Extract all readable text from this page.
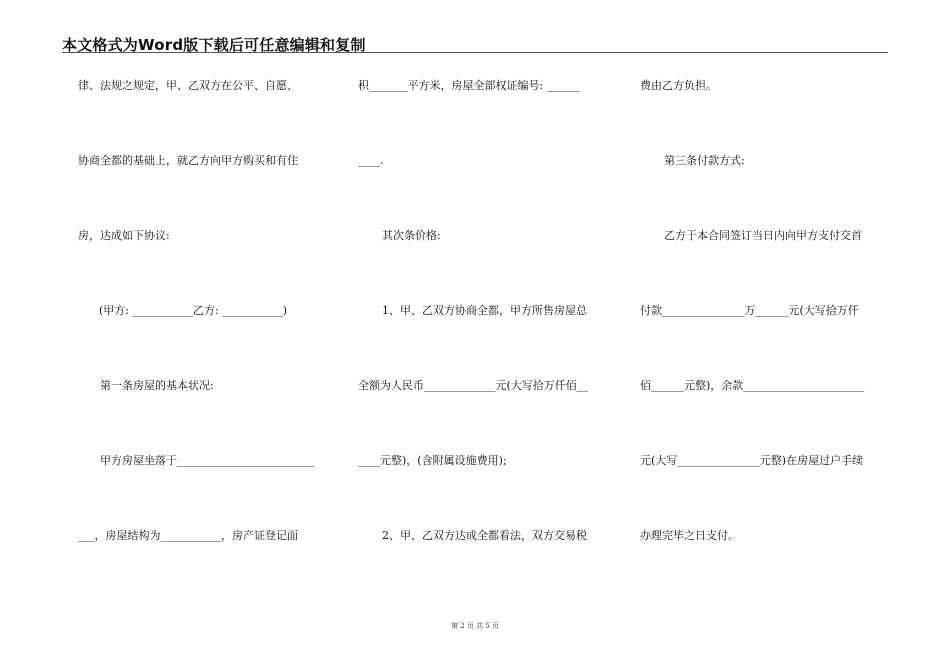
本文格式为Word版下载后可任意编辑和复制
律、法规之规定，甲、乙双方在公平、自愿、
协商全都的基础上，就乙方向甲方购买和有住
房，达成如下协议:
(甲方: ___________乙方: ___________)
第一条房屋的基本状况:
甲方房屋坐落于_________________________
___，房屋结构为___________，房产证登记面
积_______平方米，房屋全部权证编号: ______
____.
其次条价格:
1、甲、乙双方协商全都，甲方所售房屋总
全额为人民币_____________元(大写拾万仟佰__
____元整)，(含附属设施费用);
2、甲、乙双方达成全都看法，双方交易税
费由乙方负担。
第三条付款方式:
乙方于本合同签订当日内向甲方支付交首
付款_______________万______元(大写拾万仟
佰______元整)，余款______________________
元(大写_______________元整)在房屋过户手续
办理完毕之日支付。
第 2 页 共 5 页
